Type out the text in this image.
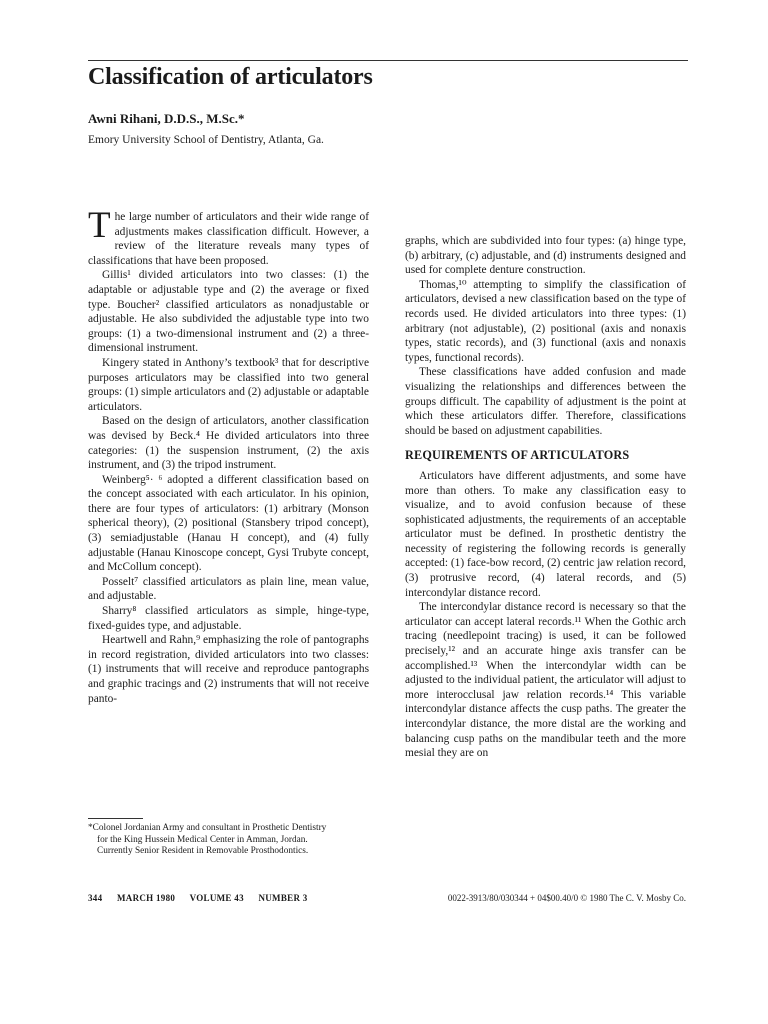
Classification of articulators
Awni Rihani, D.D.S., M.Sc.*
Emory University School of Dentistry, Atlanta, Ga.

The large number of articulators and their wide range of adjustments makes classification difficult. However, a review of the literature reveals many types of classifications that have been proposed.

Gillis¹ divided articulators into two classes: (1) the adaptable or adjustable type and (2) the average or fixed type. Boucher² classified articulators as nonadjustable or adjustable. He also subdivided the adjustable type into two groups: (1) a two-dimensional instrument and (2) a three-dimensional instrument.

Kingery stated in Anthony’s textbook³ that for descriptive purposes articulators may be classified into two general groups: (1) simple articulators and (2) adjustable or adaptable articulators.

Based on the design of articulators, another classification was devised by Beck.⁴ He divided articulators into three categories: (1) the suspension instrument, (2) the axis instrument, and (3) the tripod instrument.

Weinberg⁵· ⁶ adopted a different classification based on the concept associated with each articulator. In his opinion, there are four types of articulators: (1) arbitrary (Monson spherical theory), (2) positional (Stansbery tripod concept), (3) semiadjustable (Hanau H concept), and (4) fully adjustable (Hanau Kinoscope concept, Gysi Trubyte concept, and McCollum concept).

Posselt⁷ classified articulators as plain line, mean value, and adjustable.

Sharry⁸ classified articulators as simple, hinge-type, fixed-guides type, and adjustable.

Heartwell and Rahn,⁹ emphasizing the role of pantographs in record registration, divided articulators into two classes: (1) instruments that will receive and reproduce pantographs and graphic tracings and (2) instruments that will not receive panto-

graphs, which are subdivided into four types: (a) hinge type, (b) arbitrary, (c) adjustable, and (d) instruments designed and used for complete denture construction.

Thomas,¹⁰ attempting to simplify the classification of articulators, devised a new classification based on the type of records used. He divided articulators into three types: (1) arbitrary (not adjustable), (2) positional (axis and nonaxis types, static records), and (3) functional (axis and nonaxis types, functional records).

These classifications have added confusion and made visualizing the relationships and differences between the groups difficult. The capability of adjustment is the point at which these articulators differ. Therefore, classifications should be based on adjustment capabilities.

REQUIREMENTS OF ARTICULATORS

Articulators have different adjustments, and some have more than others. To make any classification easy to visualize, and to avoid confusion because of these sophisticated adjustments, the requirements of an acceptable articulator must be defined. In prosthetic dentistry the necessity of registering the following records is generally accepted: (1) face-bow record, (2) centric jaw relation record, (3) protrusive record, (4) lateral records, and (5) intercondylar distance record.

The intercondylar distance record is necessary so that the articulator can accept lateral records.¹¹ When the Gothic arch tracing (needlepoint tracing) is used, it can be followed precisely,¹² and an accurate hinge axis transfer can be accomplished.¹³ When the intercondylar width can be adjusted to the individual patient, the articulator will adjust to more interocclusal jaw relation records.¹⁴ This variable intercondylar distance affects the cusp paths. The greater the intercondylar distance, the more distal are the working and balancing cusp paths on the mandibular teeth and the more mesial they are on

*Colonel Jordanian Army and consultant in Prosthetic Dentistry
for the King Hussein Medical Center in Amman, Jordan.
Currently Senior Resident in Removable Prosthodontics.
344 MARCH 1980 VOLUME 43 NUMBER 3	0022-3913/80/030344 + 04$00.40/0 © 1980 The C. V. Mosby Co.
